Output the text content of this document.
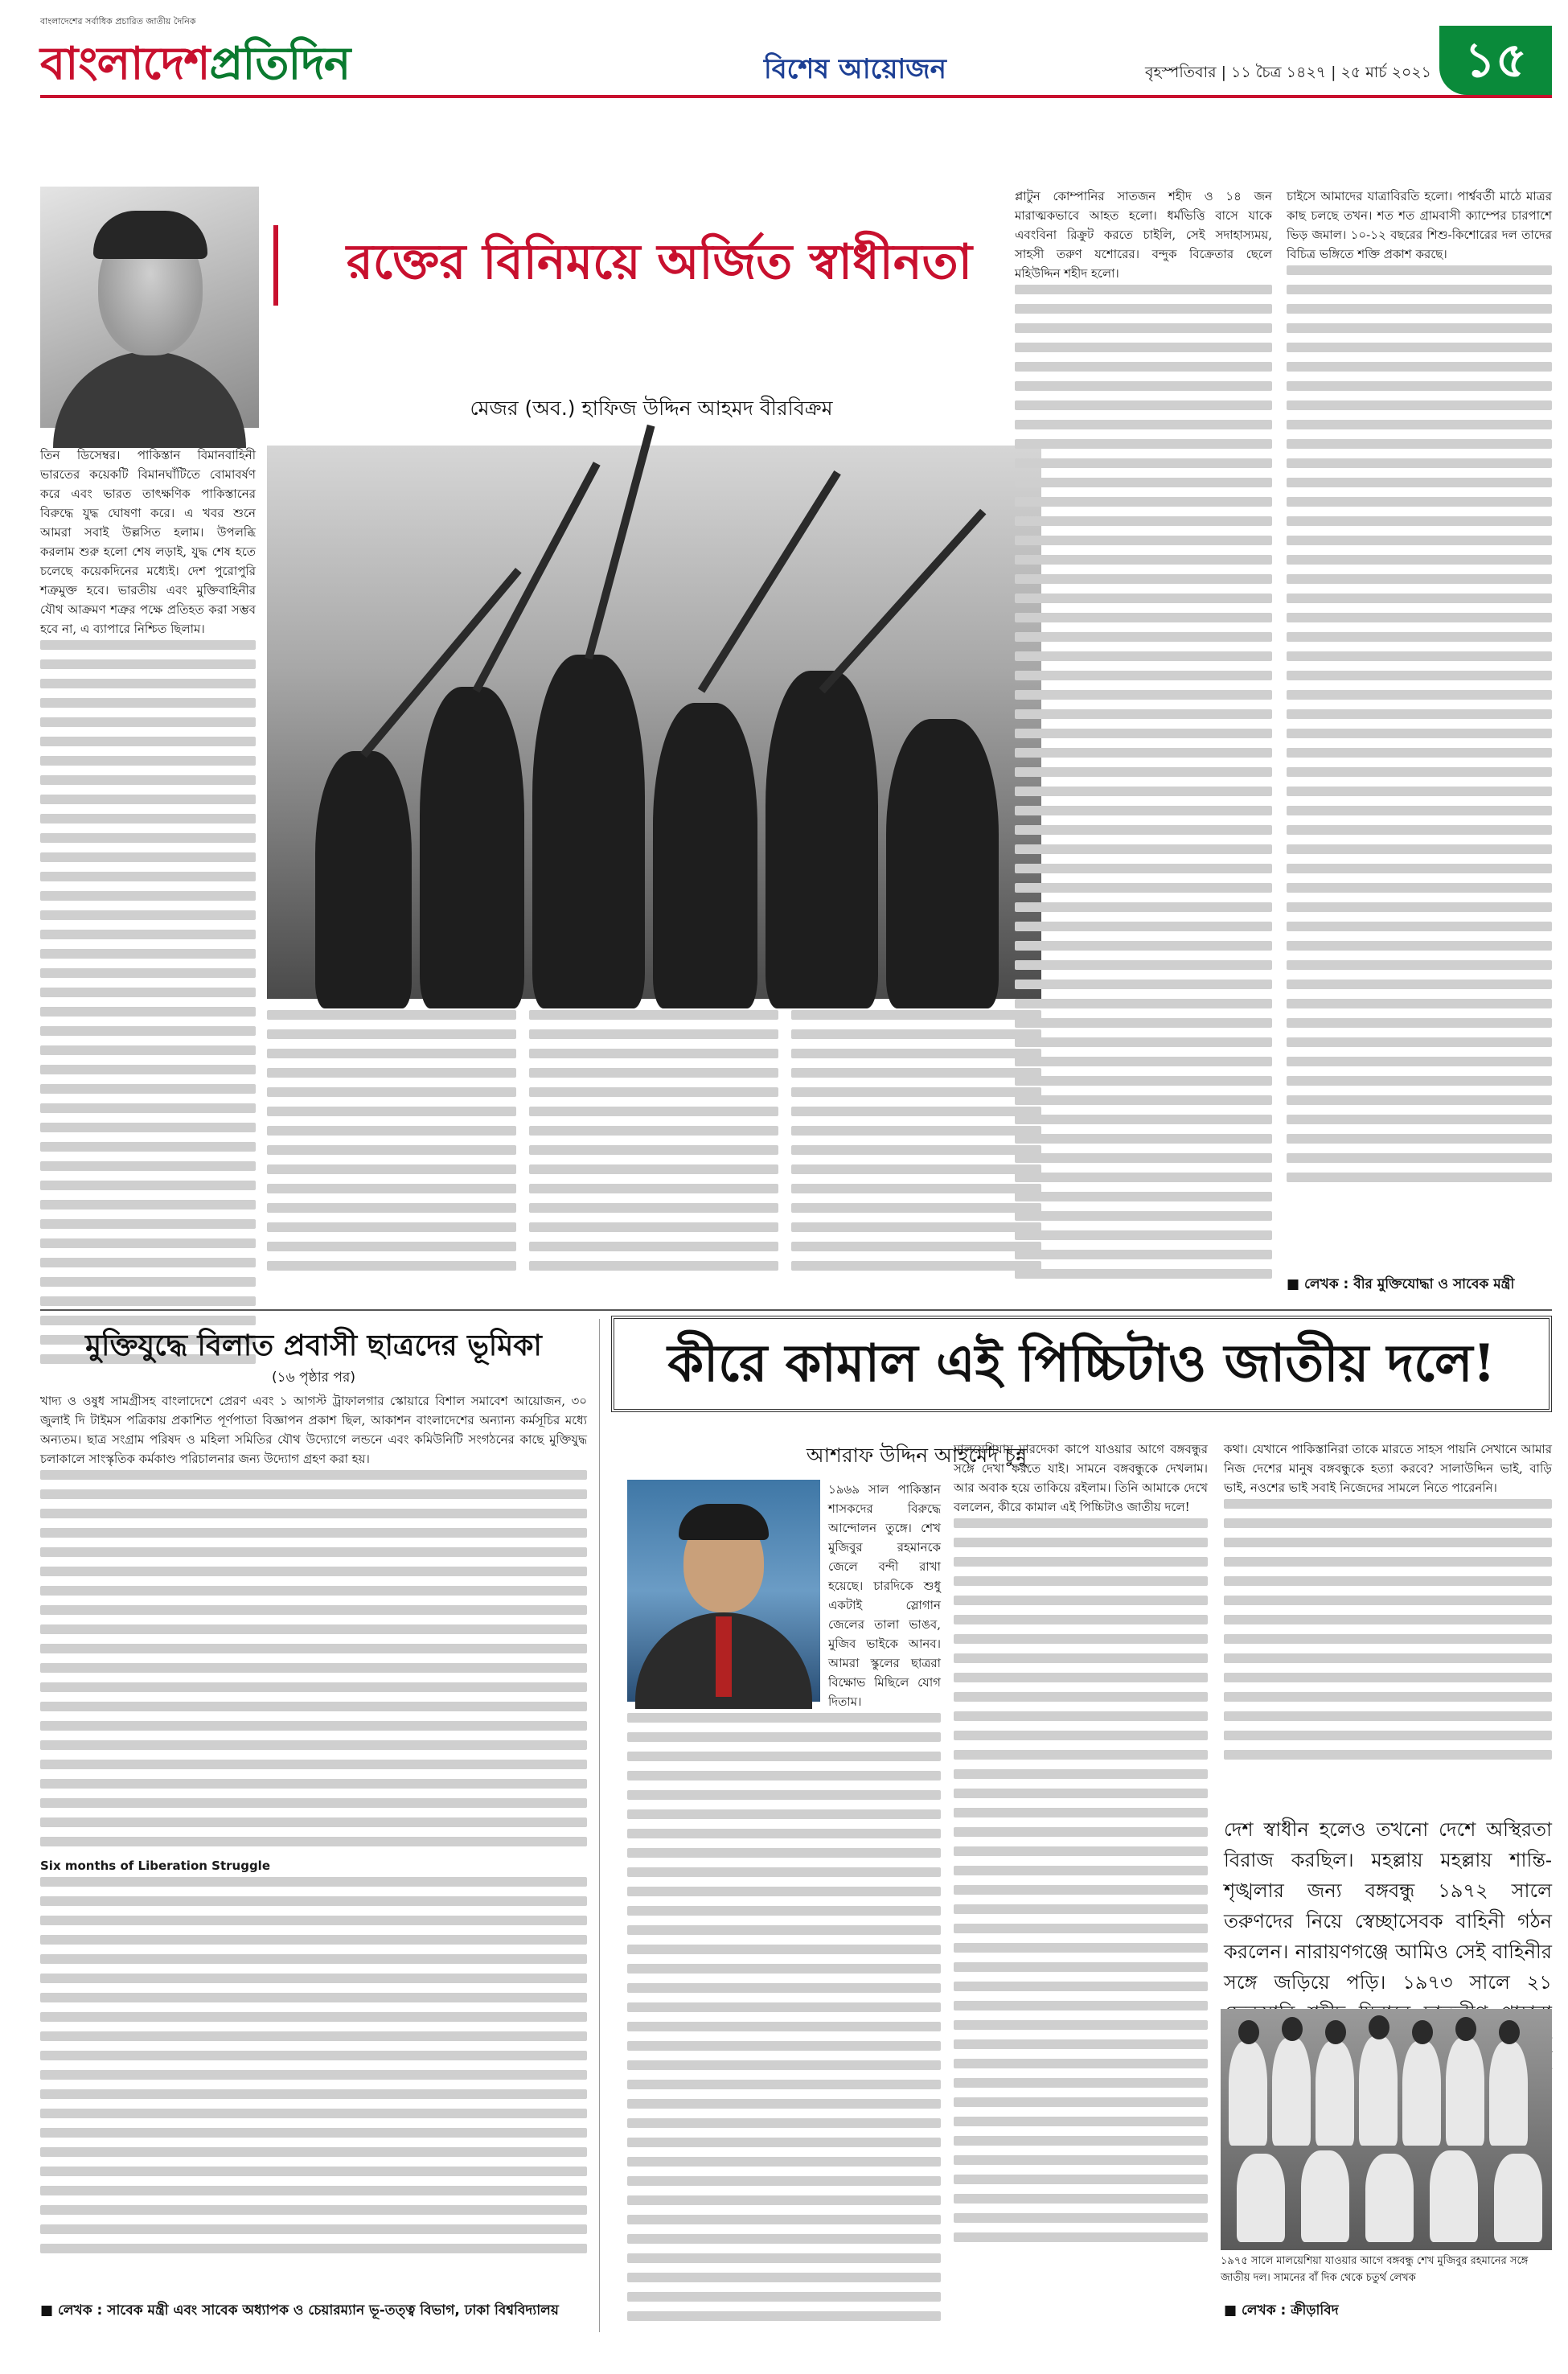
বাংলাদেশের সর্বাধিক প্রচারিত জাতীয় দৈনিক
বাংলাদেশপ্রতিদিন	বিশেষ আয়োজন	বৃহস্পতিবার | ১১ চৈত্র ১৪২৭ | ২৫ মার্চ ২০২১ ১৫
রক্তের বিনিময়ে অর্জিত স্বাধীনতা
মেজর (অব.) হাফিজ উদ্দিন আহমদ বীরবিক্রম

তিন ডিসেম্বর। পাকিস্তান বিমানবাহিনী ভারতের কয়েকটি বিমানঘাঁটিতে বোমাবর্ষণ করে এবং ভারত তাৎক্ষণিক পাকিস্তানের বিরুদ্ধে যুদ্ধ ঘোষণা করে। এ খবর শুনে আমরা সবাই উল্লসিত হলাম। উপলব্ধি করলাম শুরু হলো শেষ লড়াই, যুদ্ধ শেষ হতে চলেছে কয়েকদিনের মধ্যেই। দেশ পুরোপুরি শত্রুমুক্ত হবে। ভারতীয় এবং মুক্তিবাহিনীর যৌথ আক্রমণ শত্রুর পক্ষে প্রতিহত করা সম্ভব হবে না, এ ব্যাপারে নিশ্চিত ছিলাম।

প্লাটুন কোম্পানির সাতজন শহীদ ও ১৪ জন মারাত্মকভাবে আহত হলো। ধর্মভিত্তি বাসে যাকে এবংবিনা রিক্রুট করতে চাইলি, সেই সদাহাস্যময়, সাহসী তরুণ যশোরের। বন্দুক বিক্রেতার ছেলে মহিউদ্দিন শহীদ হলো।

চাইসে আমাদের যাত্রাবিরতি হলো। পার্শ্ববর্তী মাঠে মাত্রর কাছ চলছে তখন। শত শত গ্রামবাসী ক্যাম্পের চারপাশে ভিড় জমাল। ১০-১২ বছরের শিশু-কিশোরের দল তাদের বিচিত্র ভঙ্গিতে শক্তি প্রকাশ করছে।

■ লেখক : বীর মুক্তিযোদ্ধা ও সাবেক মন্ত্রী
মুক্তিযুদ্ধে বিলাত প্রবাসী ছাত্রদের ভূমিকা
(১৬ পৃষ্ঠার পর)

খাদ্য ও ওষুধ সামগ্রীসহ বাংলাদেশে প্রেরণ এবং ১ আগস্ট ট্রাফালগার স্কোয়ারে বিশাল সমাবেশ আয়োজন, ৩০ জুলাই দি টাইমস পত্রিকায় প্রকাশিত পূর্ণপাতা বিজ্ঞাপন প্রকাশ ছিল, আকাশন বাংলাদেশের অন্যান্য কর্মসূচির মধ্যে অন্যতম। ছাত্র সংগ্রাম পরিষদ ও মহিলা সমিতির যৌথ উদ্যোগে লন্ডনে এবং কমিউনিটি সংগঠনের কাছে মুক্তিযুদ্ধ চলাকালে সাংস্কৃতিক কর্মকাণ্ড পরিচালনার জন্য উদ্যোগ গ্রহণ করা হয়।

Six months of Liberation Struggle

■ লেখক : সাবেক মন্ত্রী এবং সাবেক অধ্যাপক ও চেয়ারম্যান ভূ-তত্ত্ব বিভাগ, ঢাকা বিশ্ববিদ্যালয়
কীরে কামাল এই পিচ্চিটাও জাতীয় দলে!
আশরাফ উদ্দিন আহমেদ চুন্নু

১৯৬৯ সাল পাকিস্তান শাসকদের বিরুদ্ধে আন্দোলন তুঙ্গে। শেখ মুজিবুর রহমানকে জেলে বন্দী রাখা হয়েছে। চারদিকে শুধু একটাই স্লোগান জেলের তালা ভাঙব, মুজিব ভাইকে আনব। আমরা স্কুলের ছাত্ররা বিক্ষোভ মিছিলে যোগ দিতাম।

মালয়েশিয়ায় মারদেকা কাপে যাওয়ার আগে বঙ্গবন্ধুর সঙ্গে দেখা করতে যাই। সামনে বঙ্গবন্ধুকে দেখলাম। আর অবাক হয়ে তাকিয়ে রইলাম। তিনি আমাকে দেখে বললেন, কীরে কামাল এই পিচ্চিটাও জাতীয় দলে!

কথা। যেখানে পাকিস্তানিরা তাকে মারতে সাহস পায়নি সেখানে আমার নিজ দেশের মানুষ বঙ্গবন্ধুকে হত্যা করবে? সালাউদ্দিন ভাই, বাড়ি ভাই, নওশের ভাই সবাই নিজেদের সামলে নিতে পারেননি।

দেশ স্বাধীন হলেও তখনো দেশে অস্থিরতা বিরাজ করছিল। মহল্লায় মহল্লায় শান্তি-শৃঙ্খলার জন্য বঙ্গবন্ধু ১৯৭২ সালে তরুণদের নিয়ে স্বেচ্ছাসেবক বাহিনী গঠন করলেন। নারায়ণগঞ্জে আমিও সেই বাহিনীর সঙ্গে জড়িয়ে পড়ি। ১৯৭৩ সালে ২১
১৯৭৫ সালে মালয়েশিয়া যাওয়ার আগে বঙ্গবন্ধু শেখ মুজিবুর রহমানের সঙ্গে জাতীয় দল। সামনের বাঁ দিক থেকে চতুর্থ লেখক
■ লেখক : ক্রীড়াবিদ
